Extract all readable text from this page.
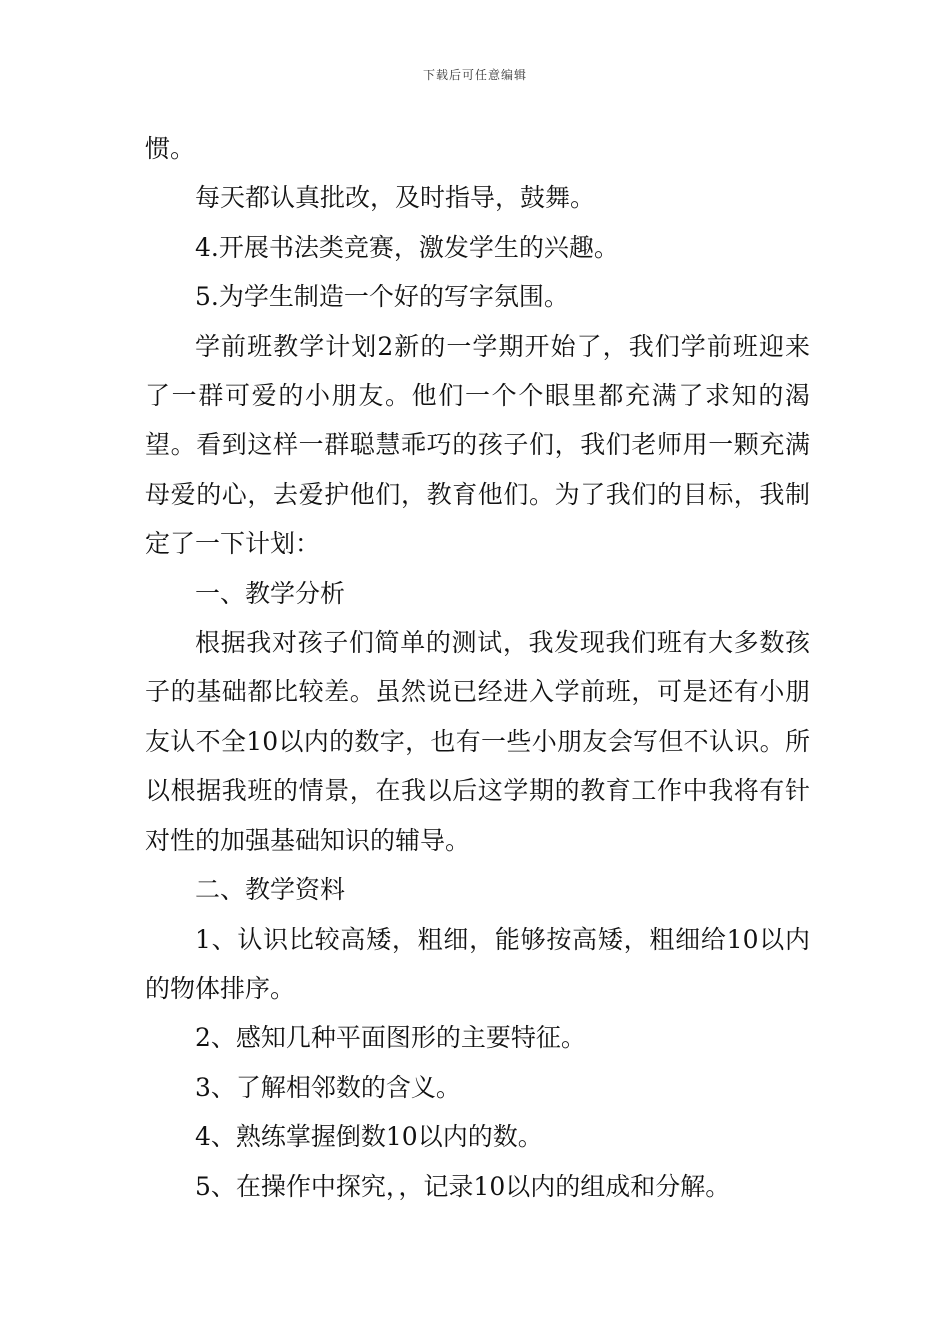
下载后可任意编辑

惯。

每天都认真批改，及时指导，鼓舞。

4.开展书法类竞赛，激发学生的兴趣。

5.为学生制造一个好的写字氛围。

学前班教学计划2新的一学期开始了，我们学前班迎来了一群可爱的小朋友。他们一个个眼里都充满了求知的渴望。看到这样一群聪慧乖巧的孩子们，我们老师用一颗充满母爱的心，去爱护他们，教育他们。为了我们的目标，我制定了一下计划：

一、教学分析

根据我对孩子们简单的测试，我发现我们班有大多数孩子的基础都比较差。虽然说已经进入学前班，可是还有小朋友认不全10以内的数字，也有一些小朋友会写但不认识。所以根据我班的情景，在我以后这学期的教育工作中我将有针对性的加强基础知识的辅导。

二、教学资料

1、认识比较高矮，粗细，能够按高矮，粗细给10以内的物体排序。

2、感知几种平面图形的主要特征。

3、了解相邻数的含义。

4、熟练掌握倒数10以内的数。

5、在操作中探究，，记录10以内的组成和分解。
